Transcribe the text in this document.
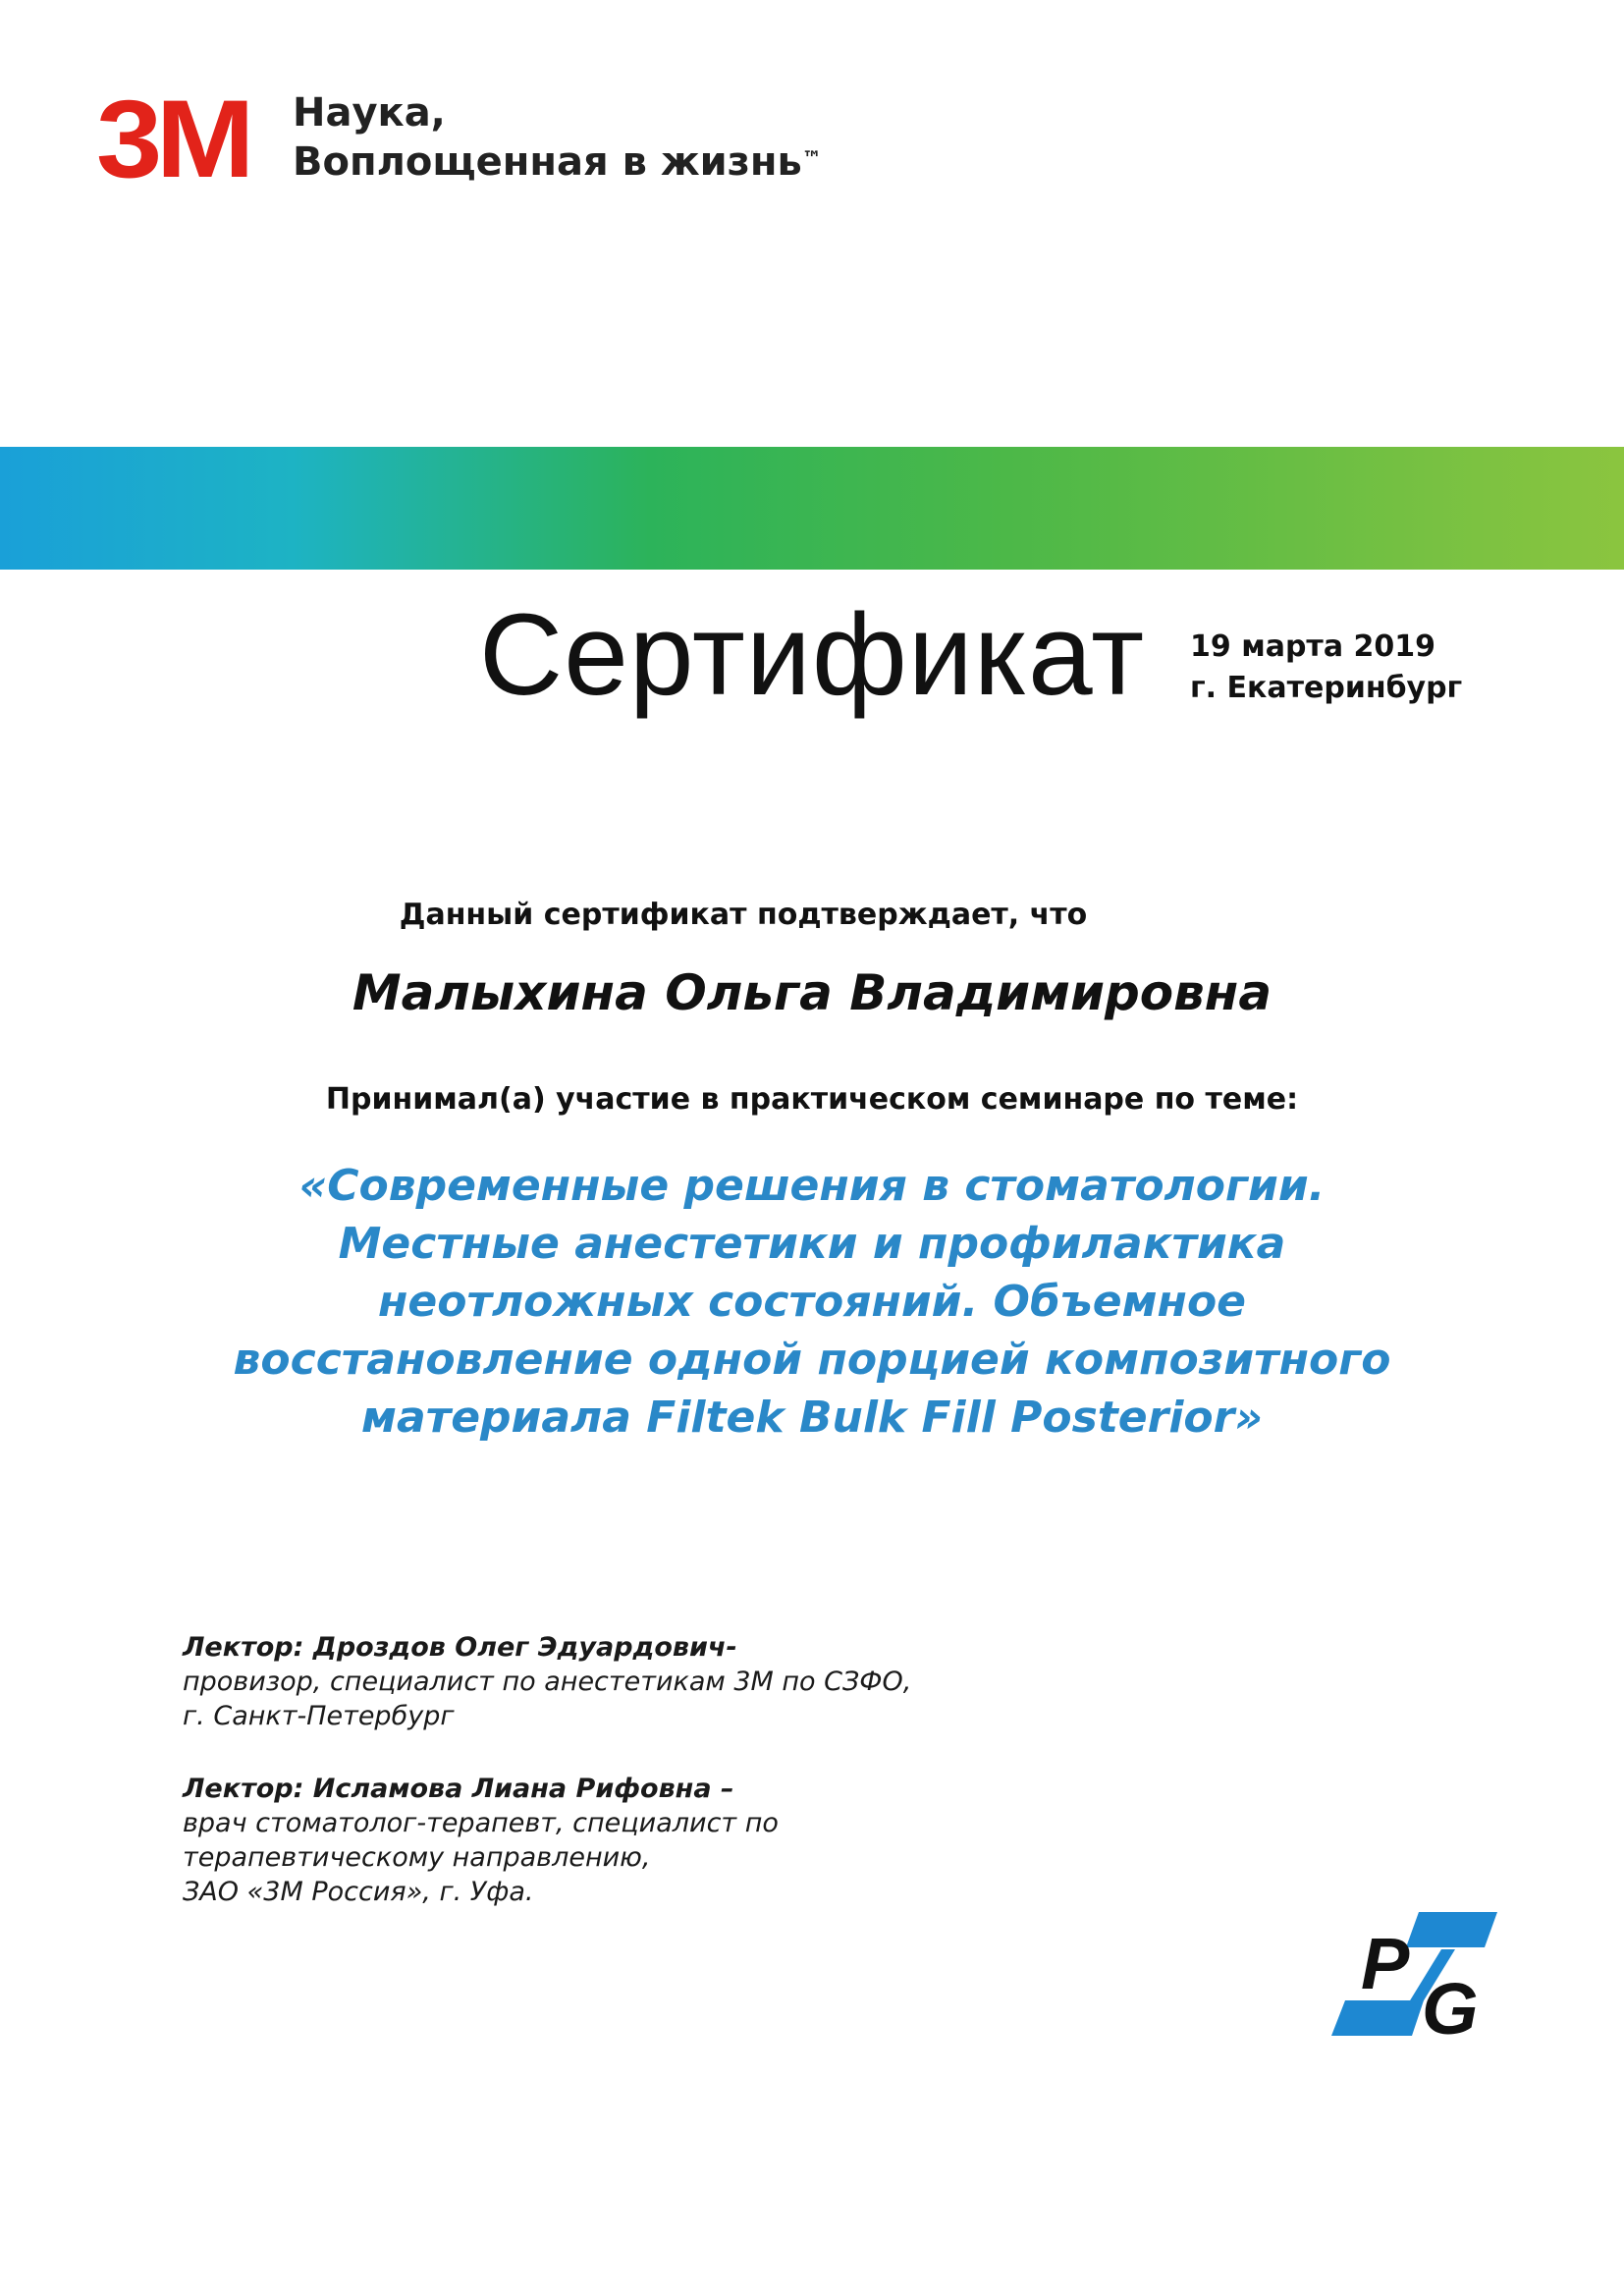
3M Наука,
Воплощенная в жизнь™
Сертификат 19 марта 2019
г. Екатеринбург
Данный сертификат подтверждает, что
Малыхина Ольга Владимировна
Принимал(а) участие в практическом семинаре по теме:
«Современные решения в стоматологии.
Местные анестетики и профилактика
неотложных состояний. Объемное
восстановление одной порцией композитного
материала Filtek Bulk Fill Posterior»
Лектор: Дроздов Олег Эдуардович-
провизор, специалист по анестетикам 3М по СЗФО,
г. Санкт-Петербург
Лектор: Исламова Лиана Рифовна –
врач стоматолог-терапевт, специалист по
терапевтическому направлению,
ЗАО «3М Россия», г. Уфа.
P
G
